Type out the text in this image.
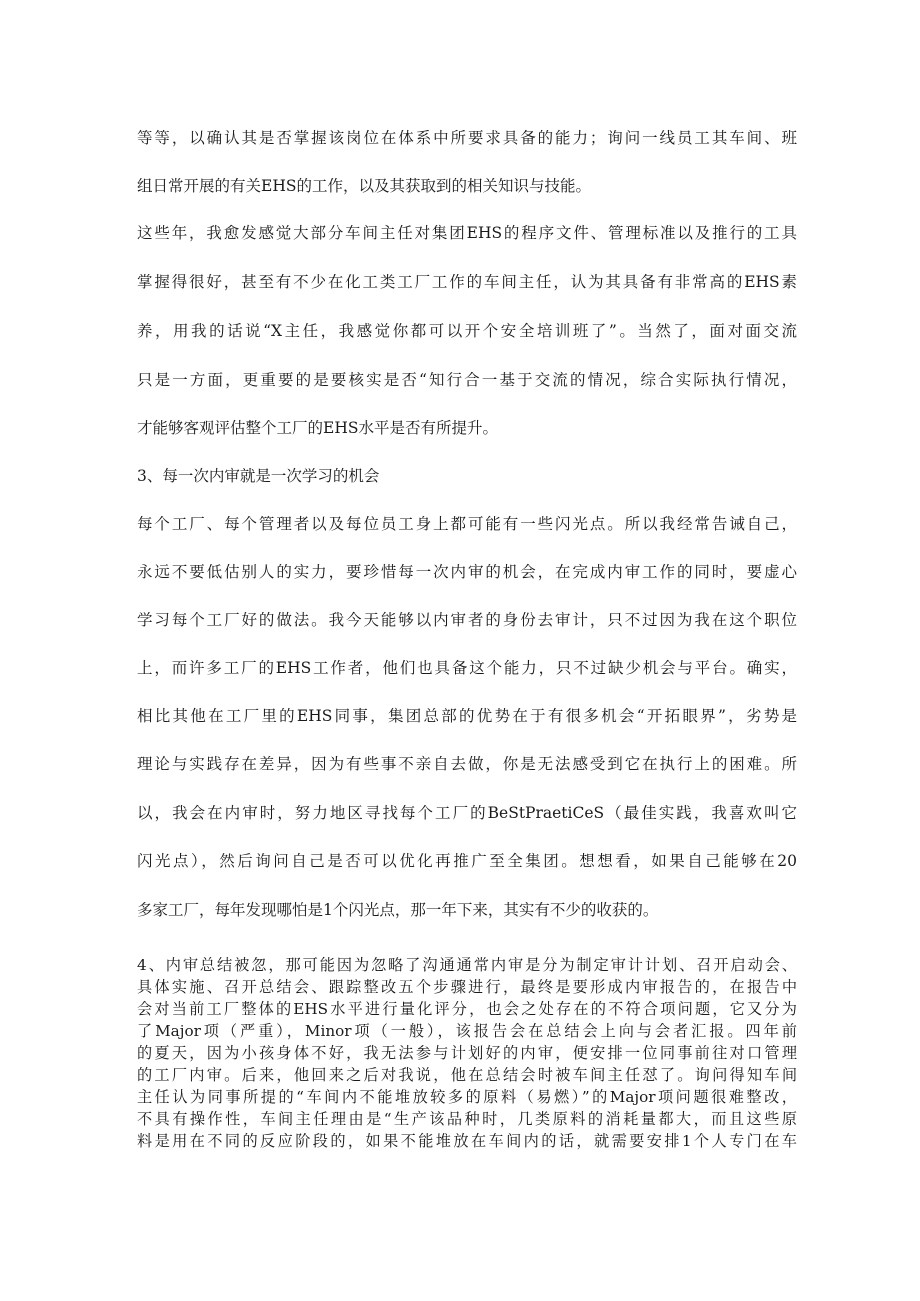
等等，以确认其是否掌握该岗位在体系中所要求具备的能力；询问一线员工其车间、班
组日常开展的有关EHS的工作，以及其获取到的相关知识与技能。
这些年，我愈发感觉大部分车间主任对集团EHS的程序文件、管理标准以及推行的工具
掌握得很好，甚至有不少在化工类工厂工作的车间主任，认为其具备有非常高的EHS素
养，用我的话说“X主任，我感觉你都可以开个安全培训班了”。当然了，面对面交流
只是一方面，更重要的是要核实是否“知行合一基于交流的情况，综合实际执行情况，
才能够客观评估整个工厂的EHS水平是否有所提升。
3、每一次内审就是一次学习的机会
每个工厂、每个管理者以及每位员工身上都可能有一些闪光点。所以我经常告诫自己，
永远不要低估别人的实力，要珍惜每一次内审的机会，在完成内审工作的同时，要虚心
学习每个工厂好的做法。我今天能够以内审者的身份去审计，只不过因为我在这个职位
上，而许多工厂的EHS工作者，他们也具备这个能力，只不过缺少机会与平台。确实，
相比其他在工厂里的EHS同事，集团总部的优势在于有很多机会“开拓眼界”，劣势是
理论与实践存在差异，因为有些事不亲自去做，你是无法感受到它在执行上的困难。所
以，我会在内审时，努力地区寻找每个工厂的BeStPraetiCeS（最佳实践，我喜欢叫它
闪光点），然后询问自己是否可以优化再推广至全集团。想想看，如果自己能够在20
多家工厂，每年发现哪怕是1个闪光点，那一年下来，其实有不少的收获的。
4、内审总结被忽，那可能因为忽略了沟通通常内审是分为制定审计计划、召开启动会、
具体实施、召开总结会、跟踪整改五个步骤进行，最终是要形成内审报告的，在报告中
会对当前工厂整体的EHS水平进行量化评分，也会之处存在的不符合项问题，它又分为
了Major项（严重），Minor项（一般），该报告会在总结会上向与会者汇报。四年前
的夏天，因为小孩身体不好，我无法参与计划好的内审，便安排一位同事前往对口管理
的工厂内审。后来，他回来之后对我说，他在总结会时被车间主任怼了。询问得知车间
主任认为同事所提的“车间内不能堆放较多的原料（易燃）”的Major项问题很难整改，
不具有操作性，车间主任理由是“生产该品种时，几类原料的消耗量都大，而且这些原
料是用在不同的反应阶段的，如果不能堆放在车间内的话，就需要安排1个人专门在车
